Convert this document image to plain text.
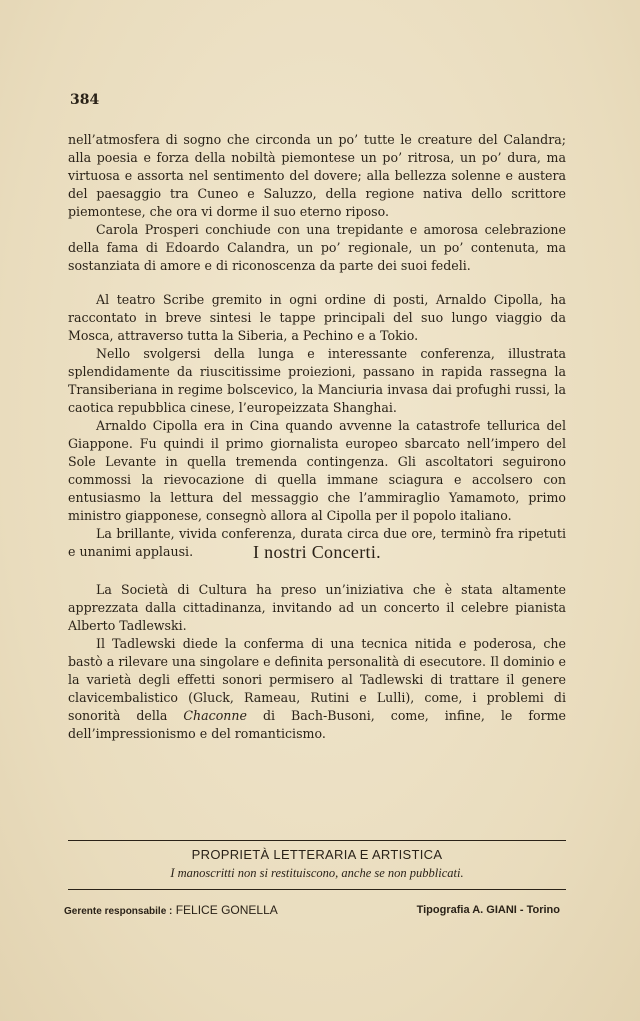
384

nell’atmosfera di sogno che circonda un po’ tutte le creature del Calandra; alla poesia e forza della nobiltà piemontese un po’ ritrosa, un po’ dura, ma virtuosa e assorta nel sentimento del dovere; alla bellezza solenne e austera del paesaggio tra Cuneo e Saluzzo, della regione nativa dello scrittore piemontese, che ora vi dorme il suo eterno riposo.

Carola Prosperi conchiude con una trepidante e amorosa celebrazione della fama di Edoardo Calandra, un po’ regionale, un po’ contenuta, ma sostanziata di amore e di riconoscenza da parte dei suoi fedeli.

Al teatro Scribe gremito in ogni ordine di posti, Arnaldo Cipolla, ha raccontato in breve sintesi le tappe principali del suo lungo viaggio da Mosca, attraverso tutta la Siberia, a Pechino e a Tokio.

Nello svolgersi della lunga e interessante conferenza, illustrata splendidamente da riuscitissime proiezioni, passano in rapida rassegna la Transiberiana in regime bolscevico, la Manciuria invasa dai profughi russi, la caotica repubblica cinese, l’europeizzata Shanghai.

Arnaldo Cipolla era in Cina quando avvenne la catastrofe tellurica del Giappone. Fu quindi il primo giornalista europeo sbarcato nell’impero del Sole Levante in quella tremenda contingenza. Gli ascoltatori seguirono commossi la rievocazione di quella immane sciagura e accolsero con entusiasmo la lettura del messaggio che l’ammiraglio Yamamoto, primo ministro giapponese, consegnò allora al Cipolla per il popolo italiano.

La brillante, vivida conferenza, durata circa due ore, terminò fra ripetuti e unanimi applausi.	I nostri Concerti.

La Società di Cultura ha preso un’iniziativa che è stata altamente apprezzata dalla cittadinanza, invitando ad un concerto il celebre pianista Alberto Tadlewski.

Il Tadlewski diede la conferma di una tecnica nitida e poderosa, che bastò a rilevare una singolare e definita personalità di esecutore. Il dominio e la varietà degli effetti sonori permisero al Tadlewski di trattare il genere clavicembalistico (Gluck, Rameau, Rutini e Lulli), come, i problemi di sonorità della Chaconne di Bach-Busoni, come, infine, le forme dell’impressionismo e del romanticismo.

PROPRIETÀ LETTERARIA E ARTISTICA
I manoscritti non si restituiscono, anche se non pubblicati.
Gerente responsabile : FELICE GONELLA	Tipografia A. GIANI - Torino
